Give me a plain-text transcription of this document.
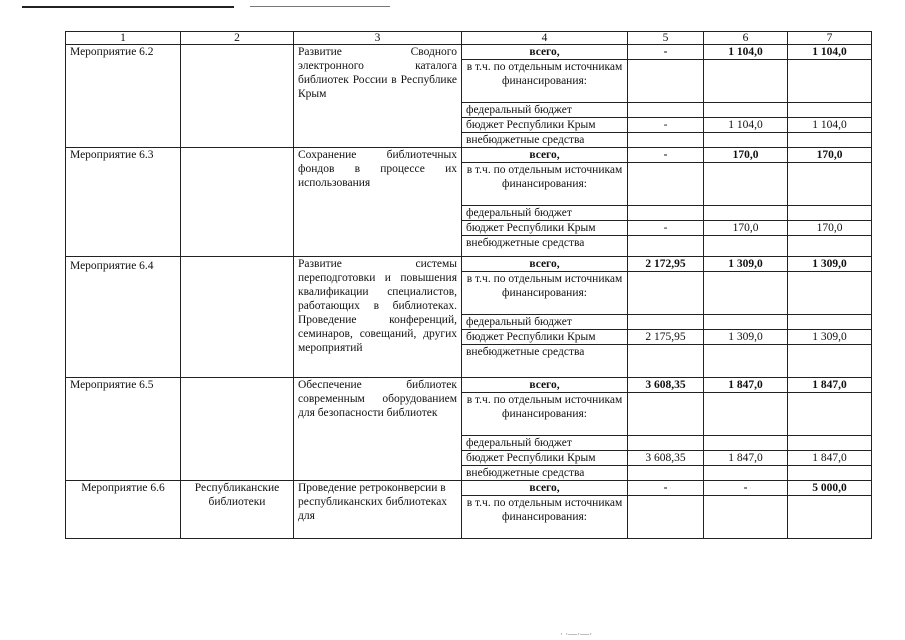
1	2	3	4	5	6	7
Мероприятие 6.2		Развитие Сводного электронного каталога библиотек России в Республике Крым	всего,	-	1 104,0	1 104,0
			в т.ч. по отдельным источникам финансирования:			
			федеральный бюджет			
			бюджет Республики Крым	-	1 104,0	1 104,0
			внебюджетные средства			

Мероприятие 6.3		Сохранение библиотечных фондов в процессе их использования	всего,	-	170,0	170,0
			в т.ч. по отдельным источникам финансирования:			
			федеральный бюджет			
			бюджет Республики Крым	-	170,0	170,0
			внебюджетные средства			
Мероприятие 6.4		Развитие системы переподготовки и повышения квалификации специалистов, работающих в библиотеках. Проведение конференций, семинаров, совещаний, других мероприятий	всего,	2 172,95	1 309,0	1 309,0
			в т.ч. по отдельным источникам финансирования:			
			федеральный бюджет			
			бюджет Республики Крым	2 175,95	1 309,0	1 309,0
			внебюджетные средства			
Мероприятие 6.5		Обеспечение библиотек современным оборудованием для безопасности библиотек	всего,	3 608,35	1 847,0	1 847,0
			в т.ч. по отдельным источникам финансирования:			
			федеральный бюджет			
			бюджет Республики Крым	3 608,35	1 847,0	1 847,0
			внебюджетные средства			
Мероприятие 6.6	Республиканские библиотеки	Проведение ретроконверсии в республиканских библиотеках для	всего,	-	-	5 000,0
			в т.ч. по отдельным источникам финансирования:			
· ·—·—·
